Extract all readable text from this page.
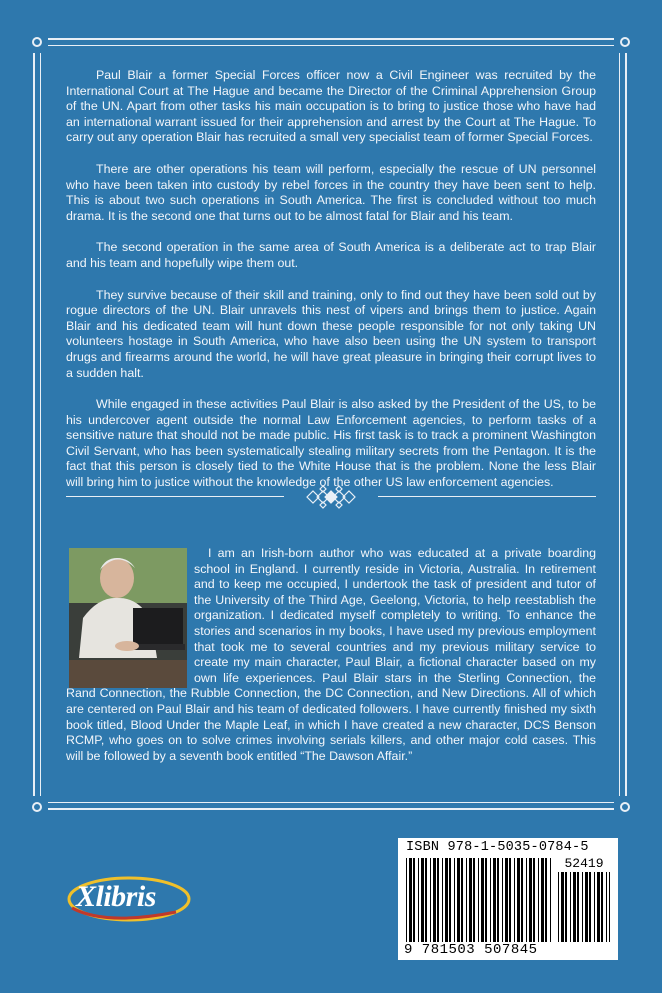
Paul Blair a former Special Forces officer now a Civil Engineer was recruited by the International Court at The Hague and became the Director of the Criminal Apprehension Group of the UN. Apart from other tasks his main occupation is to bring to justice those who have had an international warrant issued for their apprehension and arrest by the Court at The Hague. To carry out any operation Blair has recruited a small very specialist team of former Special Forces.

There are other operations his team will perform, especially the rescue of UN personnel who have been taken into custody by rebel forces in the country they have been sent to help. This is about two such operations in South America. The first is concluded without too much drama. It is the second one that turns out to be almost fatal for Blair and his team.

The second operation in the same area of South America is a deliberate act to trap Blair and his team and hopefully wipe them out.

They survive because of their skill and training, only to find out they have been sold out by rogue directors of the UN. Blair unravels this nest of vipers and brings them to justice. Again Blair and his dedicated team will hunt down these people responsible for not only taking UN volunteers hostage in South America, who have also been using the UN system to transport drugs and firearms around the world, he will have great pleasure in bringing their corrupt lives to a sudden halt.

While engaged in these activities Paul Blair is also asked by the President of the US, to be his undercover agent outside the normal Law Enforcement agencies, to perform tasks of a sensitive nature that should not be made public. His first task is to track a prominent Washington Civil Servant, who has been systematically stealing military secrets from the Pentagon. It is the fact that this person is closely tied to the White House that is the problem. None the less Blair will bring him to justice without the knowledge of the other US law enforcement agencies.

I am an Irish-born author who was educated at a private boarding school in England. I currently reside in Victoria, Australia. In retirement and to keep me occupied, I undertook the task of president and tutor of the University of the Third Age, Geelong, Victoria, to help reestablish the organization. I dedicated myself completely to writing. To enhance the stories and scenarios in my books, I have used my previous employment that took me to several countries and my previous military service to create my main character, Paul Blair, a fictional character based on my own life experiences. Paul Blair stars in the Sterling Connection, the Rand Connection, the Rubble Connection, the DC Connection, and New Directions. All of which are centered on Paul Blair and his team of dedicated followers. I have currently finished my sixth book titled, Blood Under the Maple Leaf, in which I have created a new character, DCS Benson RCMP, who goes on to solve crimes involving serials killers, and other major cold cases. This will be followed by a seventh book entitled “The Dawson Affair.”

Xlibris
ISBN 978-1-5035-0784-5
52419
9 781503 507845
